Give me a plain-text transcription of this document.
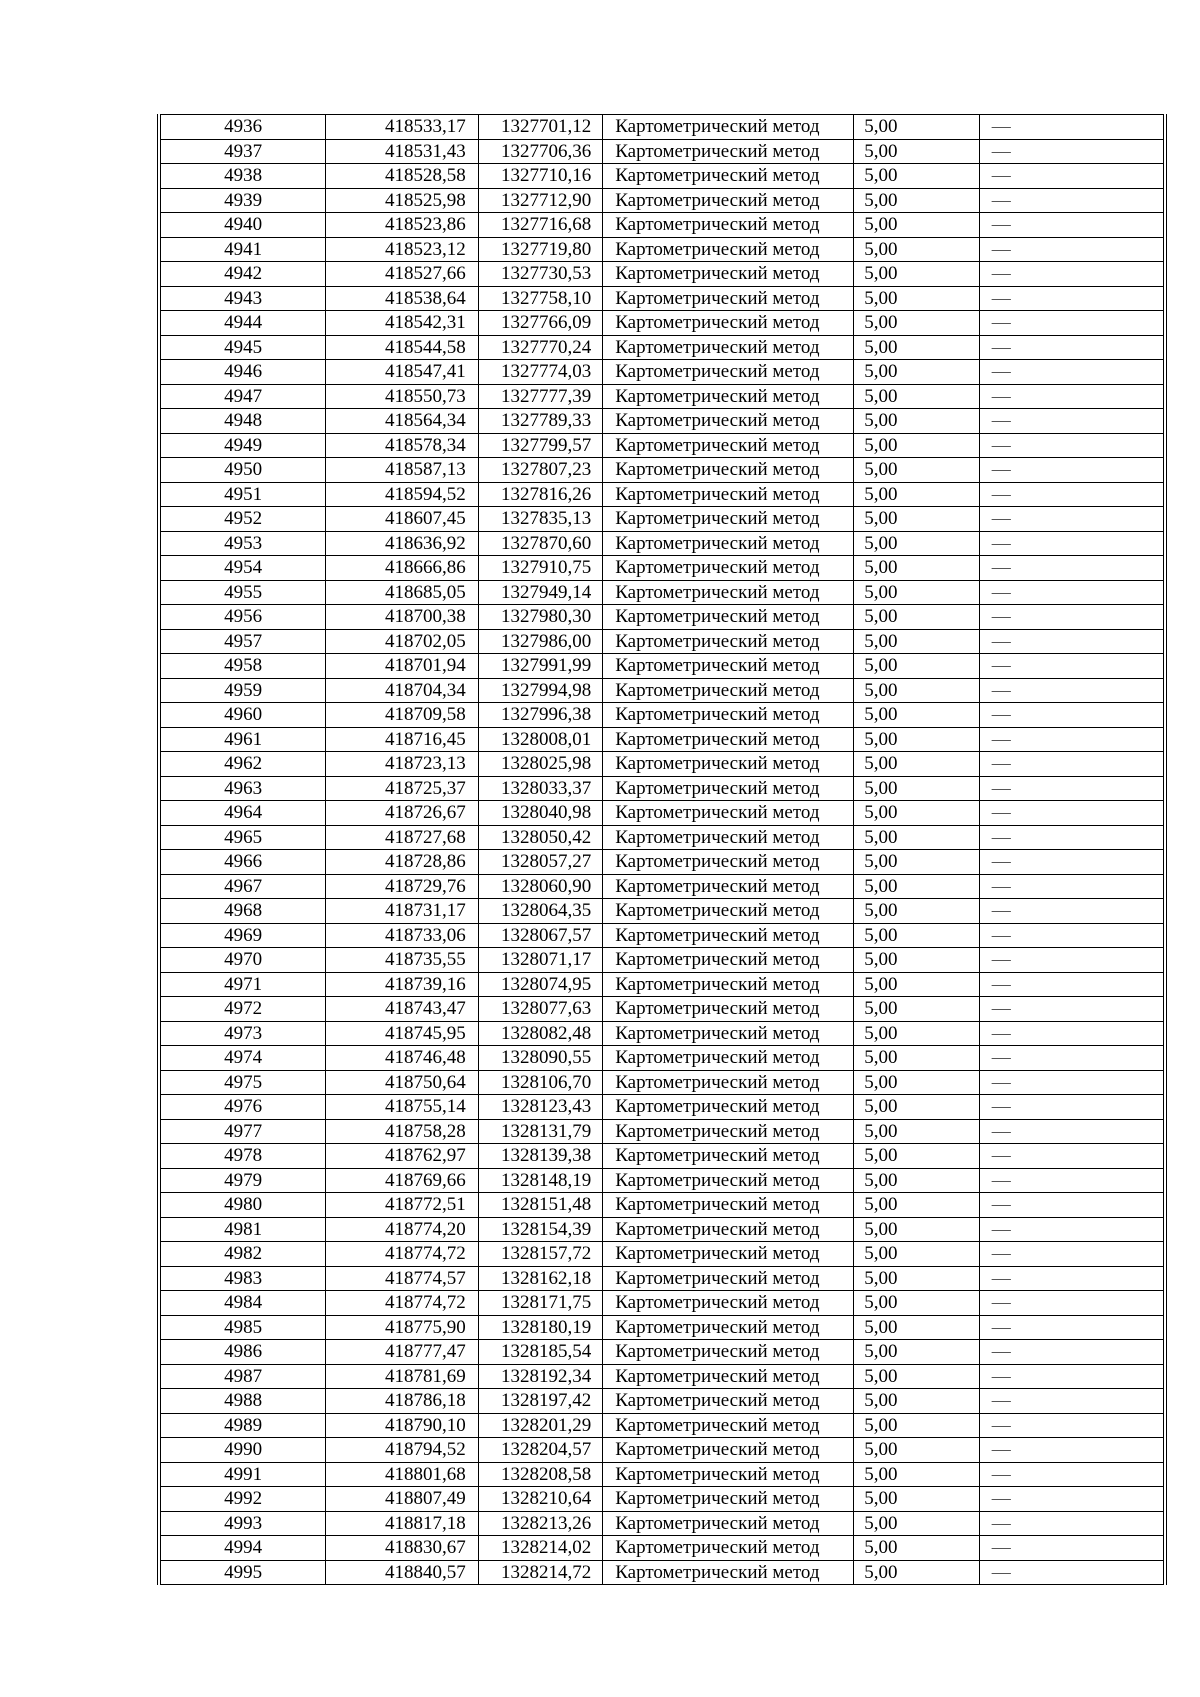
4936	418533,17	1327701,12	Картометрический метод	5,00	—
4937	418531,43	1327706,36	Картометрический метод	5,00	—
4938	418528,58	1327710,16	Картометрический метод	5,00	—
4939	418525,98	1327712,90	Картометрический метод	5,00	—
4940	418523,86	1327716,68	Картометрический метод	5,00	—
4941	418523,12	1327719,80	Картометрический метод	5,00	—
4942	418527,66	1327730,53	Картометрический метод	5,00	—
4943	418538,64	1327758,10	Картометрический метод	5,00	—
4944	418542,31	1327766,09	Картометрический метод	5,00	—
4945	418544,58	1327770,24	Картометрический метод	5,00	—
4946	418547,41	1327774,03	Картометрический метод	5,00	—
4947	418550,73	1327777,39	Картометрический метод	5,00	—
4948	418564,34	1327789,33	Картометрический метод	5,00	—
4949	418578,34	1327799,57	Картометрический метод	5,00	—
4950	418587,13	1327807,23	Картометрический метод	5,00	—
4951	418594,52	1327816,26	Картометрический метод	5,00	—
4952	418607,45	1327835,13	Картометрический метод	5,00	—
4953	418636,92	1327870,60	Картометрический метод	5,00	—
4954	418666,86	1327910,75	Картометрический метод	5,00	—
4955	418685,05	1327949,14	Картометрический метод	5,00	—
4956	418700,38	1327980,30	Картометрический метод	5,00	—
4957	418702,05	1327986,00	Картометрический метод	5,00	—
4958	418701,94	1327991,99	Картометрический метод	5,00	—
4959	418704,34	1327994,98	Картометрический метод	5,00	—
4960	418709,58	1327996,38	Картометрический метод	5,00	—
4961	418716,45	1328008,01	Картометрический метод	5,00	—
4962	418723,13	1328025,98	Картометрический метод	5,00	—
4963	418725,37	1328033,37	Картометрический метод	5,00	—
4964	418726,67	1328040,98	Картометрический метод	5,00	—
4965	418727,68	1328050,42	Картометрический метод	5,00	—
4966	418728,86	1328057,27	Картометрический метод	5,00	—
4967	418729,76	1328060,90	Картометрический метод	5,00	—
4968	418731,17	1328064,35	Картометрический метод	5,00	—
4969	418733,06	1328067,57	Картометрический метод	5,00	—
4970	418735,55	1328071,17	Картометрический метод	5,00	—
4971	418739,16	1328074,95	Картометрический метод	5,00	—
4972	418743,47	1328077,63	Картометрический метод	5,00	—
4973	418745,95	1328082,48	Картометрический метод	5,00	—
4974	418746,48	1328090,55	Картометрический метод	5,00	—
4975	418750,64	1328106,70	Картометрический метод	5,00	—
4976	418755,14	1328123,43	Картометрический метод	5,00	—
4977	418758,28	1328131,79	Картометрический метод	5,00	—
4978	418762,97	1328139,38	Картометрический метод	5,00	—
4979	418769,66	1328148,19	Картометрический метод	5,00	—
4980	418772,51	1328151,48	Картометрический метод	5,00	—
4981	418774,20	1328154,39	Картометрический метод	5,00	—
4982	418774,72	1328157,72	Картометрический метод	5,00	—
4983	418774,57	1328162,18	Картометрический метод	5,00	—
4984	418774,72	1328171,75	Картометрический метод	5,00	—
4985	418775,90	1328180,19	Картометрический метод	5,00	—
4986	418777,47	1328185,54	Картометрический метод	5,00	—
4987	418781,69	1328192,34	Картометрический метод	5,00	—
4988	418786,18	1328197,42	Картометрический метод	5,00	—
4989	418790,10	1328201,29	Картометрический метод	5,00	—
4990	418794,52	1328204,57	Картометрический метод	5,00	—
4991	418801,68	1328208,58	Картометрический метод	5,00	—
4992	418807,49	1328210,64	Картометрический метод	5,00	—
4993	418817,18	1328213,26	Картометрический метод	5,00	—
4994	418830,67	1328214,02	Картометрический метод	5,00	—
4995	418840,57	1328214,72	Картометрический метод	5,00	—
